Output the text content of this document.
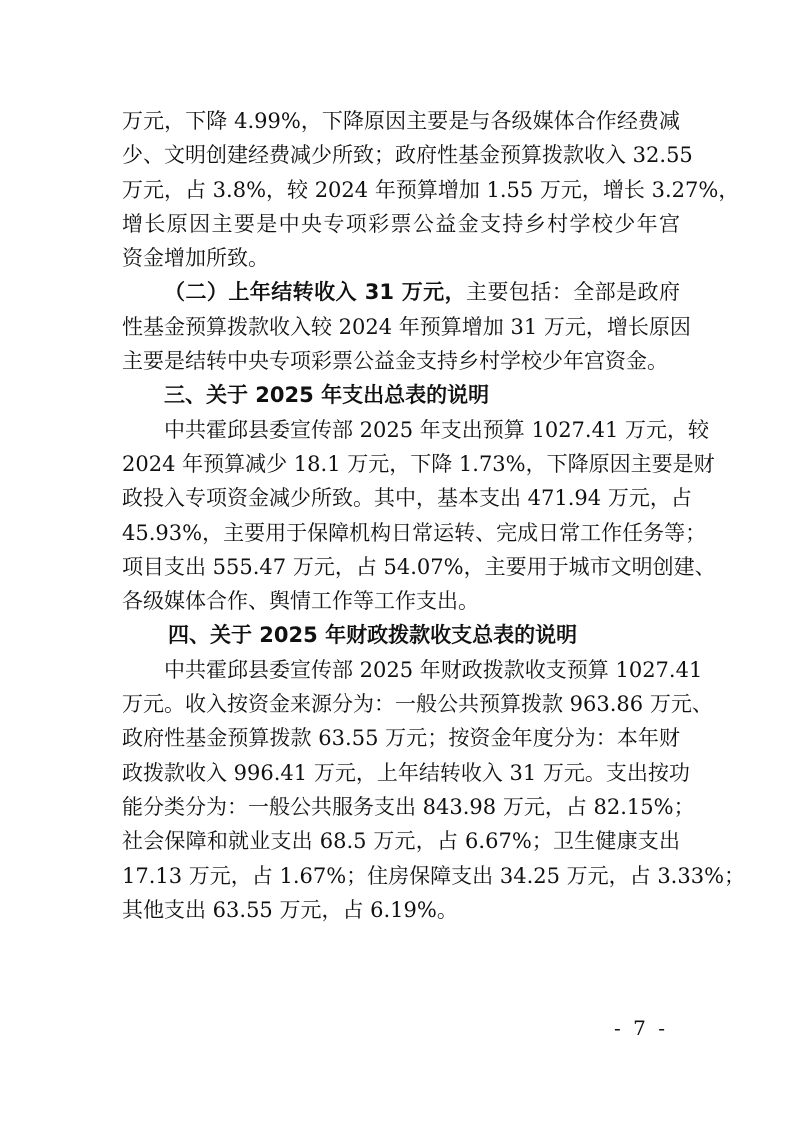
万元，下降 4.99%，下降原因主要是与各级媒体合作经费减
少、文明创建经费减少所致；政府性基金预算拨款收入 32.55
万元，占 3.8%，较 2024 年预算增加 1.55 万元，增长 3.27%，
增长原因主要是中央专项彩票公益金支持乡村学校少年宫
资金增加所致。
（二）上年结转收入 31 万元，主要包括：全部是政府
性基金预算拨款收入较 2024 年预算增加 31 万元，增长原因
主要是结转中央专项彩票公益金支持乡村学校少年宫资金。
三、关于 2025 年支出总表的说明
中共霍邱县委宣传部 2025 年支出预算 1027.41 万元，较
2024 年预算减少 18.1 万元，下降 1.73%，下降原因主要是财
政投入专项资金减少所致。其中，基本支出 471.94 万元，占
45.93%，主要用于保障机构日常运转、完成日常工作任务等；
项目支出 555.47 万元，占 54.07%，主要用于城市文明创建、
各级媒体合作、舆情工作等工作支出。
四、关于 2025 年财政拨款收支总表的说明
中共霍邱县委宣传部 2025 年财政拨款收支预算 1027.41
万元。收入按资金来源分为：一般公共预算拨款 963.86 万元、
政府性基金预算拨款 63.55 万元；按资金年度分为：本年财
政拨款收入 996.41 万元，上年结转收入 31 万元。支出按功
能分类分为：一般公共服务支出 843.98 万元，占 82.15%；
社会保障和就业支出 68.5 万元，占 6.67%；卫生健康支出
17.13 万元，占 1.67%；住房保障支出 34.25 万元，占 3.33%；
其他支出 63.55 万元，占 6.19%。
- 7 -
